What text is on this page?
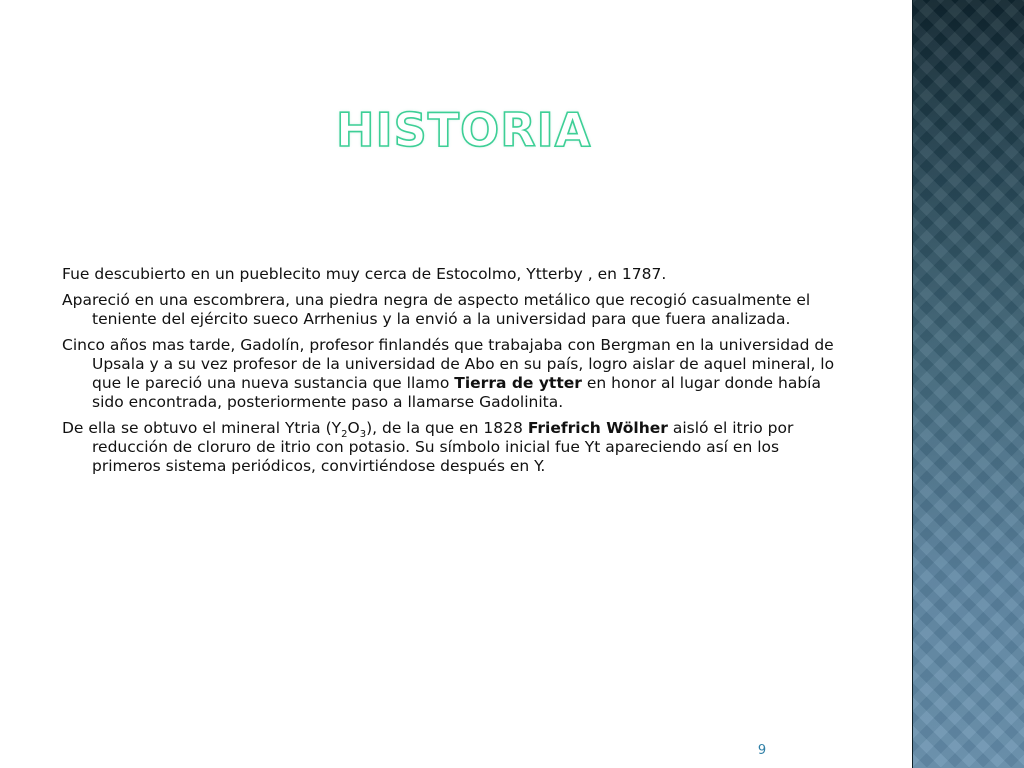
HISTORIA

Fue descubierto en un pueblecito muy cerca de Estocolmo, Ytterby , en 1787.

Apareció en una escombrera, una piedra negra de aspecto metálico que recogió casualmente el teniente del ejército sueco Arrhenius y la envió a la universidad para que fuera analizada.

Cinco años mas tarde, Gadolín, profesor finlandés que trabajaba con Bergman en la universidad de Upsala y a su vez profesor de la universidad de Abo en su país, logro aislar de aquel mineral, lo que le pareció una nueva sustancia que llamo Tierra de ytter en honor al lugar donde había sido encontrada, posteriormente paso a llamarse Gadolinita.

De ella se obtuvo el mineral Ytria $(Y_2O_3)$, de la que en 1828 Friefrich Wölher aisló el itrio por reducción de cloruro de itrio con potasio. Su símbolo inicial fue Yt apareciendo así en los primeros sistema periódicos, convirtiéndose después en Y.

9
